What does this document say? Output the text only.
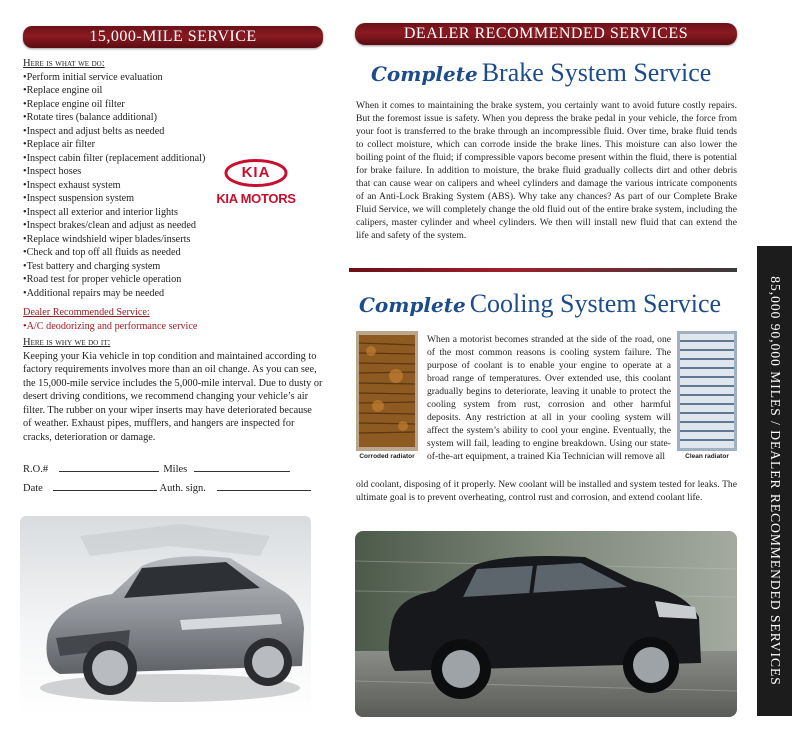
15,000-MILE SERVICE
Here is what we do:
• Perform initial service evaluation
• Replace engine oil
• Replace engine oil filter
• Rotate tires (balance additional)
• Inspect and adjust belts as needed
• Replace air filter
• Inspect cabin filter (replacement additional)
• Inspect hoses
• Inspect exhaust system
• Inspect suspension system
• Inspect all exterior and interior lights
• Inspect brakes/clean and adjust as needed
• Replace windshield wiper blades/inserts
• Check and top off all fluids as needed
• Test battery and charging system
• Road test for proper vehicle operation
• Additional repairs may be needed
Dealer Recommended Service:
• A/C deodorizing and performance service
Here is why we do it:
Keeping your Kia vehicle in top condition and maintained according to factory requirements involves more than an oil change. As you can see, the 15,000-mile service includes the 5,000-mile interval. Due to dusty or desert driving conditions, we recommend changing your vehicle’s air filter. The rubber on your wiper inserts may have deteriorated because of weather. Exhaust pipes, mufflers, and hangers are inspected for cracks, deterioration or damage.
KIA
KIA MOTORS
R.O.#	Miles
Date	Auth. sign.
DEALER RECOMMENDED SERVICES
Complete Brake System Service
When it comes to maintaining the brake system, you certainly want to avoid future costly repairs. But the foremost issue is safety. When you depress the brake pedal in your vehicle, the force from your foot is transferred to the brake through an incompressible fluid. Over time, brake fluid tends to collect moisture, which can corrode inside the brake lines. This moisture can also lower the boiling point of the fluid; if compressible vapors become present within the fluid, there is potential for brake failure. In addition to moisture, the brake fluid gradually collects dirt and other debris that can cause wear on calipers and wheel cylinders and damage the various intricate components of an Anti-Lock Braking System (ABS). Why take any chances? As part of our Complete Brake Fluid Service, we will completely change the old fluid out of the entire brake system, including the calipers, master cylinder and wheel cylinders. We then will install new fluid that can extend the life and safety of the system.
Complete Cooling System Service
Corroded radiator	Clean radiator
When a motorist becomes stranded at the side of the road, one of the most common reasons is cooling system failure. The purpose of coolant is to enable your engine to operate at a broad range of temperatures. Over extended use, this coolant gradually begins to deteriorate, leaving it unable to protect the cooling system from rust, corrosion and other harmful deposits. Any restriction at all in your cooling system will affect the system’s ability to cool your engine. Eventually, the system will fail, leading to engine breakdown. Using our state-of-the-art equipment, a trained Kia Technician will remove all
old coolant, disposing of it properly. New coolant will be installed and system tested for leaks. The ultimate goal is to prevent overheating, control rust and corrosion, and extend coolant life.	85,000 90,000 MILES / DEALER RECOMMENDED SERVICES
